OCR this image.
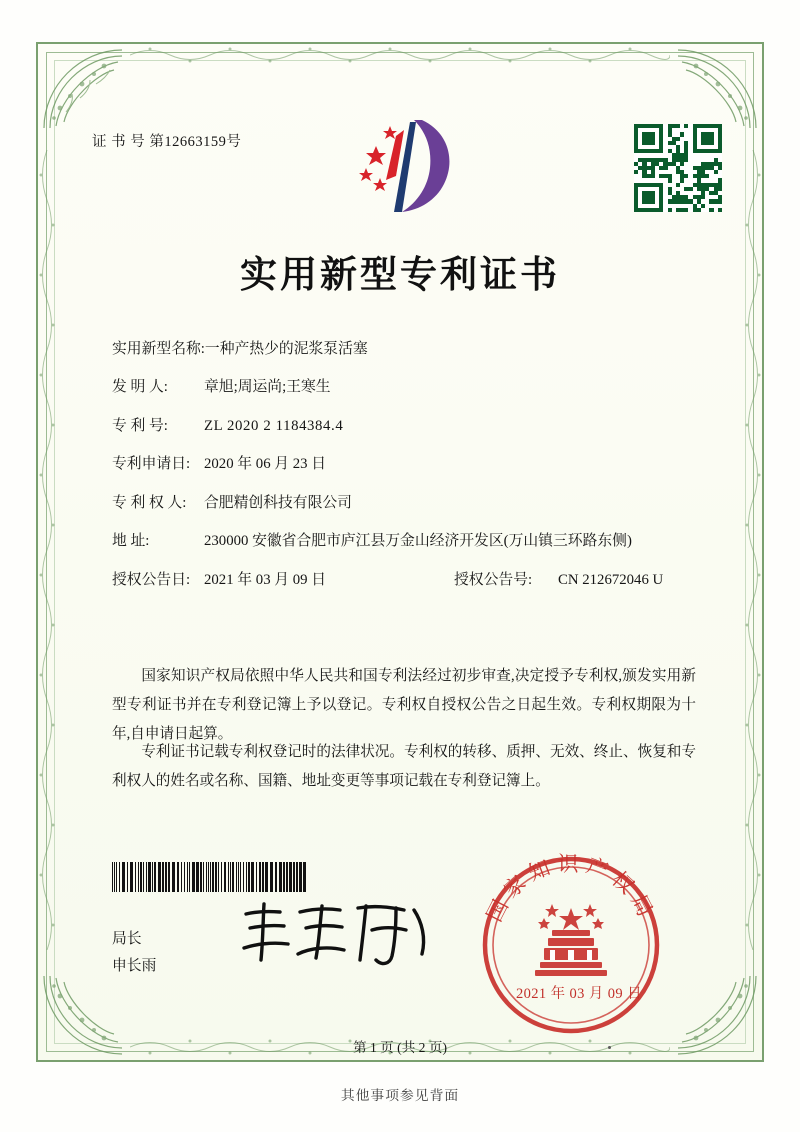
证 书 号 第12663159号
实用新型专利证书
实用新型名称: 一种产热少的泥浆泵活塞
发 明 人:	章旭;周运尚;王寒生
专 利 号:	ZL 2020 2 1184384.4
专利申请日: 2020 年 06 月 23 日
专 利 权 人:	合肥精创科技有限公司
地 址:	230000 安徽省合肥市庐江县万金山经济开发区(万山镇三环路东侧)
授权公告日: 2021 年 03 月 09 日	授权公告号:	CN 212672046 U
国家知识产权局依照中华人民共和国专利法经过初步审查,决定授予专利权,颁发实用新型专利证书并在专利登记簿上予以登记。专利权自授权公告之日起生效。专利权期限为十年,自申请日起算。
专利证书记载专利权登记时的法律状况。专利权的转移、质押、无效、终止、恢复和专利权人的姓名或名称、国籍、地址变更等事项记载在专利登记簿上。
局长
申长雨
国家知识产权局
2021 年 03 月 09 日
第 1 页 (共 2 页)
其他事项参见背面
